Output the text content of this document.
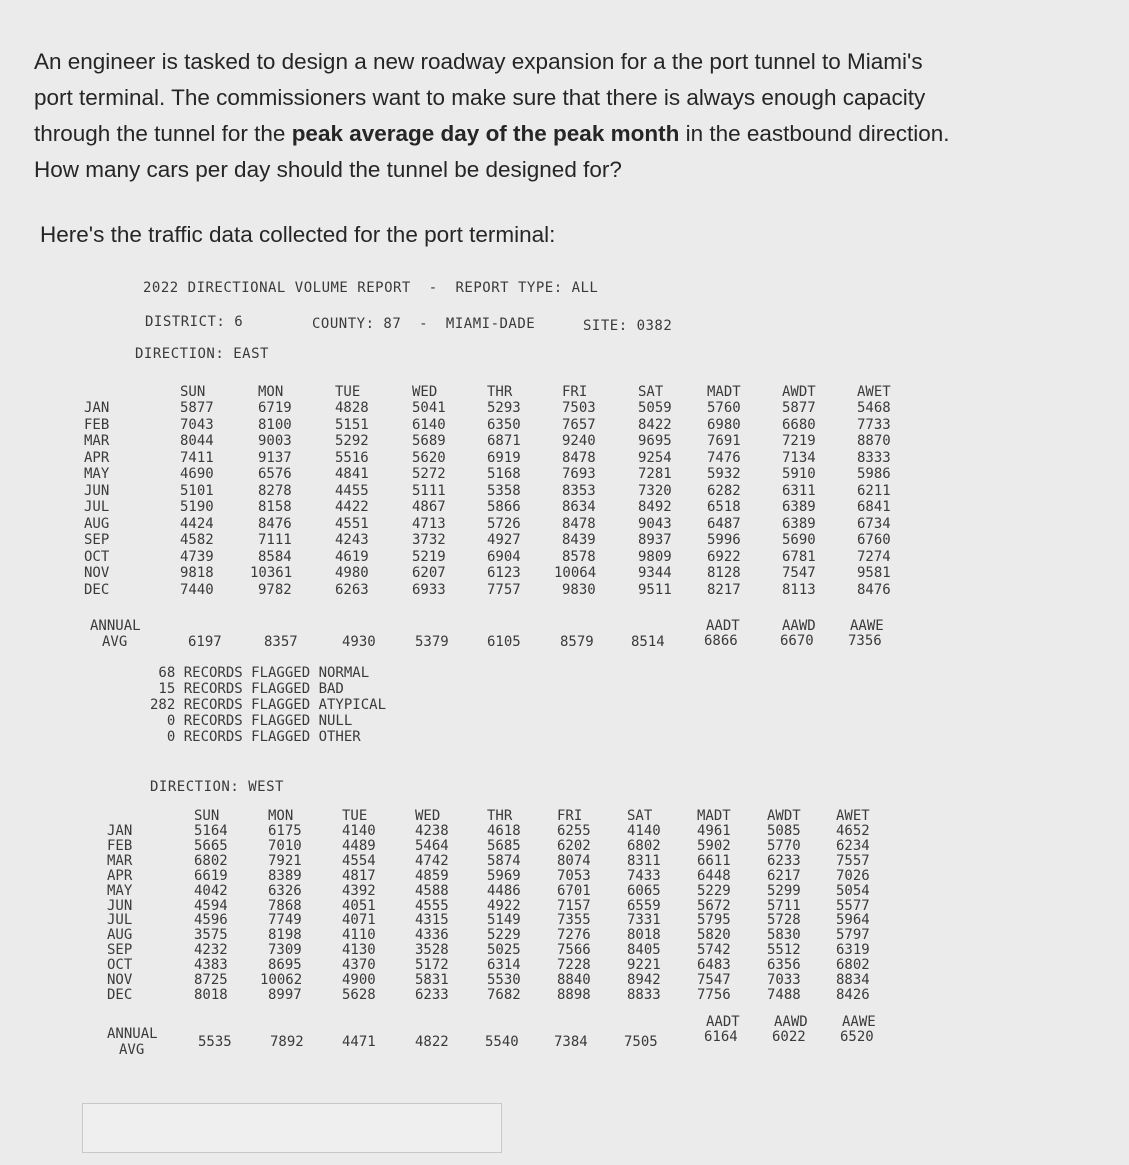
An engineer is tasked to design a new roadway expansion for a the port tunnel to Miami's

port terminal. The commissioners want to make sure that there is always enough capacity

through the tunnel for the peak average day of the peak month in the eastbound direction.

How many cars per day should the tunnel be designed for?

Here's the traffic data collected for the port terminal:
2022 DIRECTIONAL VOLUME REPORT  -  REPORT TYPE: ALL
DISTRICT: 6	COUNTY: 87  -  MIAMI-DADE	SITE: 0382
DIRECTION: EAST
SUN	MON	TUE	WED	THR	FRI	SAT	MADT	AWDT	AWET
JAN	5877	6719	4828	5041	5293	7503	5059	5760	5877	5468
FEB	7043	8100	5151	6140	6350	7657	8422	6980	6680	7733
MAR	8044	9003	5292	5689	6871	9240	9695	7691	7219	8870
APR	7411	9137	5516	5620	6919	8478	9254	7476	7134	8333
MAY	4690	6576	4841	5272	5168	7693	7281	5932	5910	5986
JUN	5101	8278	4455	5111	5358	8353	7320	6282	6311	6211
JUL	5190	8158	4422	4867	5866	8634	8492	6518	6389	6841
AUG	4424	8476	4551	4713	5726	8478	9043	6487	6389	6734
SEP	4582	7111	4243	3732	4927	8439	8937	5996	5690	6760
OCT	4739	8584	4619	5219	6904	8578	9809	6922	6781	7274
NOV	9818	10361	4980	6207	6123 10064	9344	8128	7547	9581
DEC	7440	9782	6263	6933	7757	9830	9511	8217	8113	8476
ANNUAL
AVG	6197	8357	4930	5379	6105	8579	8514
AADT
6866
AAWD
6670
AAWE
7356
68 RECORDS FLAGGED NORMAL
15 RECORDS FLAGGED BAD
282 RECORDS FLAGGED ATYPICAL
0 RECORDS FLAGGED NULL
0 RECORDS FLAGGED OTHER
DIRECTION: WEST
SUN	MON	TUE	WED	THR	FRI	SAT	MADT	AWDT	AWET
JAN	5164	6175	4140	4238	4618	6255	4140	4961	5085	4652
FEB	5665	7010	4489	5464	5685	6202	6802	5902	5770	6234
MAR	6802	7921	4554	4742	5874	8074	8311	6611	6233	7557
APR	6619	8389	4817	4859	5969	7053	7433	6448	6217	7026
MAY	4042	6326	4392	4588	4486	6701	6065	5229	5299	5054
JUN	4594	7868	4051	4555	4922	7157	6559	5672	5711	5577
JUL	4596	7749	4071	4315	5149	7355	7331	5795	5728	5964
AUG	3575	8198	4110	4336	5229	7276	8018	5820	5830	5797
SEP	4232	7309	4130	3528	5025	7566	8405	5742	5512	6319
OCT	4383	8695	4370	5172	6314	7228	9221	6483	6356	6802
NOV	8725 10062	4900	5831	5530	8840	8942	7547	7033	8834
DEC	8018	8997	5628	6233	7682	8898	8833	7756	7488	8426
ANNUAL
AVG	5535	7892	4471	4822	5540	7384	7505
AADT
6164
AAWD
6022
AAWE
6520
